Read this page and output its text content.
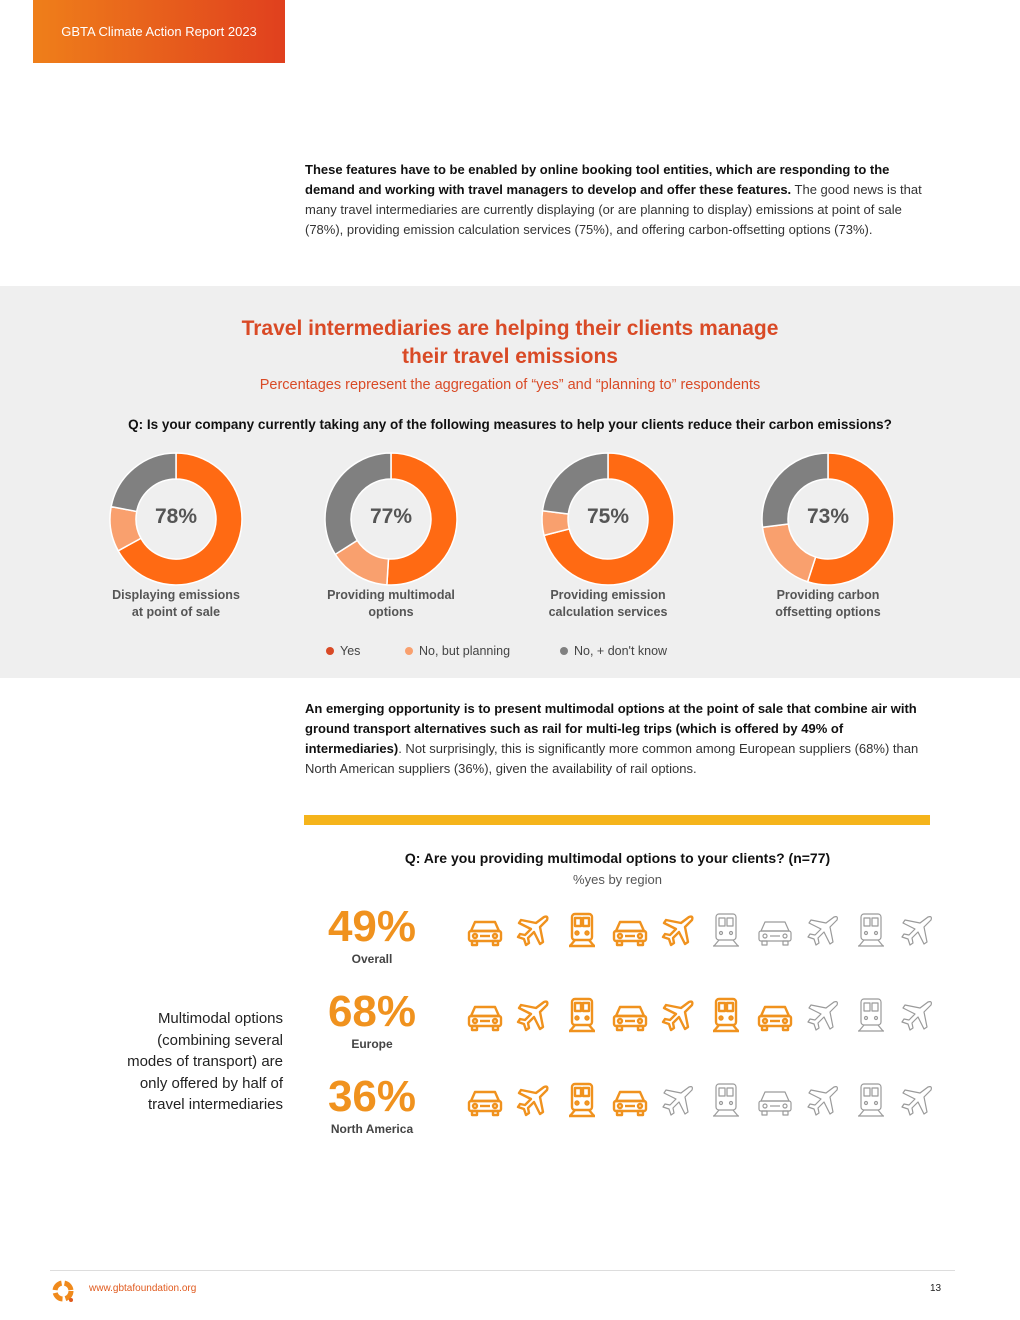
GBTA Climate Action Report 2023
These features have to be enabled by online booking tool entities, which are responding to the demand and working with travel managers to develop and offer these features. The good news is that many travel intermediaries are currently displaying (or are planning to display) emissions at point of sale (78%), providing emission calculation services (75%), and offering carbon-offsetting options (73%).
Travel intermediaries are helping their clients manage
their travel emissions
Percentages represent the aggregation of “yes” and “planning to” respondents
Q: Is your company currently taking any of the following measures to help your clients reduce their carbon emissions?
78%
Displaying emissions
at point of sale
77%
Providing multimodal
options
75%
Providing emission
calculation services
73%
Providing carbon
offsetting options
Yes	No, but planning	No, + don't know
An emerging opportunity is to present multimodal options at the point of sale that combine air with ground transport alternatives such as rail for multi-leg trips (which is offered by 49% of intermediaries). Not surprisingly, this is significantly more common among European suppliers (68%) than North American suppliers (36%), given the availability of rail options.
Q: Are you providing multimodal options to your clients? (n=77)
%yes by region
49%
Overall
68%
Europe
36%
North America
Multimodal options (combining several modes of transport) are only offered by half of travel intermediaries
www.gbtafoundation.org	13
